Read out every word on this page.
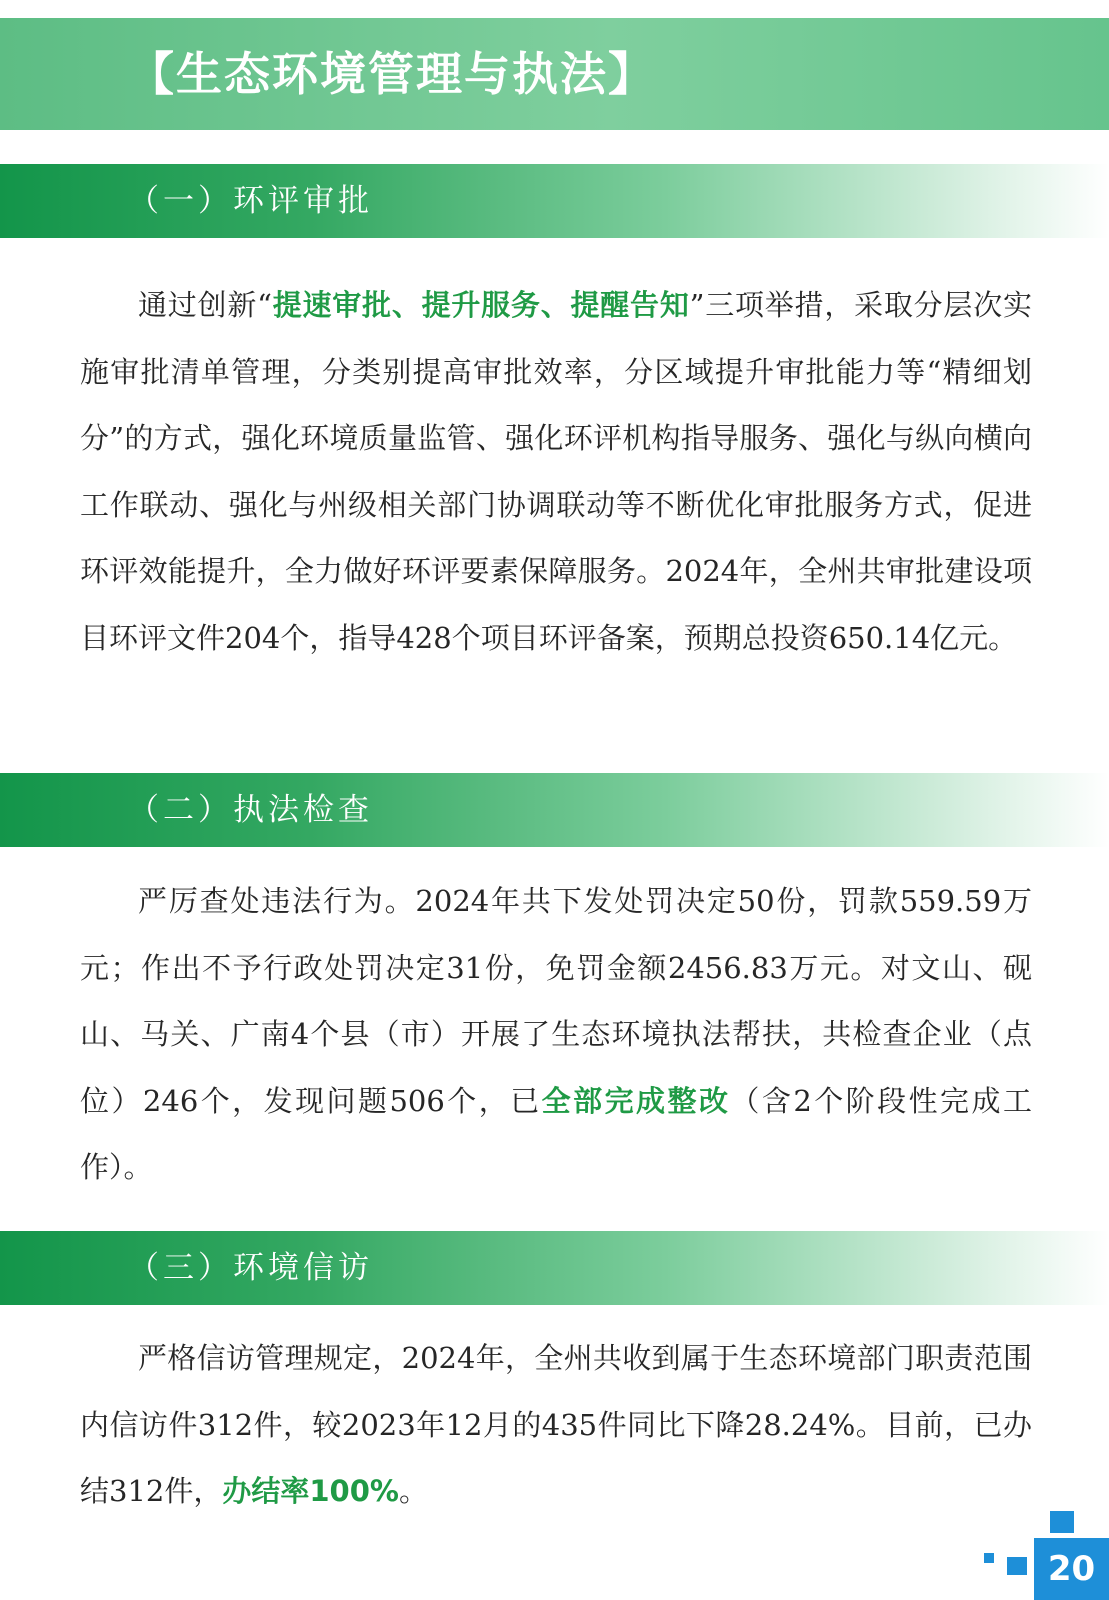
【生态环境管理与执法】
（一）环评审批

通过创新“提速审批、提升服务、提醒告知”三项举措，采取分层次实施审批清单管理，分类别提高审批效率，分区域提升审批能力等“精细划分”的方式，强化环境质量监管、强化环评机构指导服务、强化与纵向横向工作联动、强化与州级相关部门协调联动等不断优化审批服务方式，促进环评效能提升，全力做好环评要素保障服务。2024年，全州共审批建设项目环评文件204个，指导428个项目环评备案，预期总投资650.14亿元。

（二）执法检查

严厉查处违法行为。2024年共下发处罚决定50份，罚款559.59万元；作出不予行政处罚决定31份，免罚金额2456.83万元。对文山、砚山、马关、广南4个县（市）开展了生态环境执法帮扶，共检查企业（点位）246个，发现问题506个，已全部完成整改（含2个阶段性完成工作）。

（三）环境信访

严格信访管理规定，2024年，全州共收到属于生态环境部门职责范围内信访件312件，较2023年12月的435件同比下降28.24%。目前，已办结312件，办结率100%。

20
